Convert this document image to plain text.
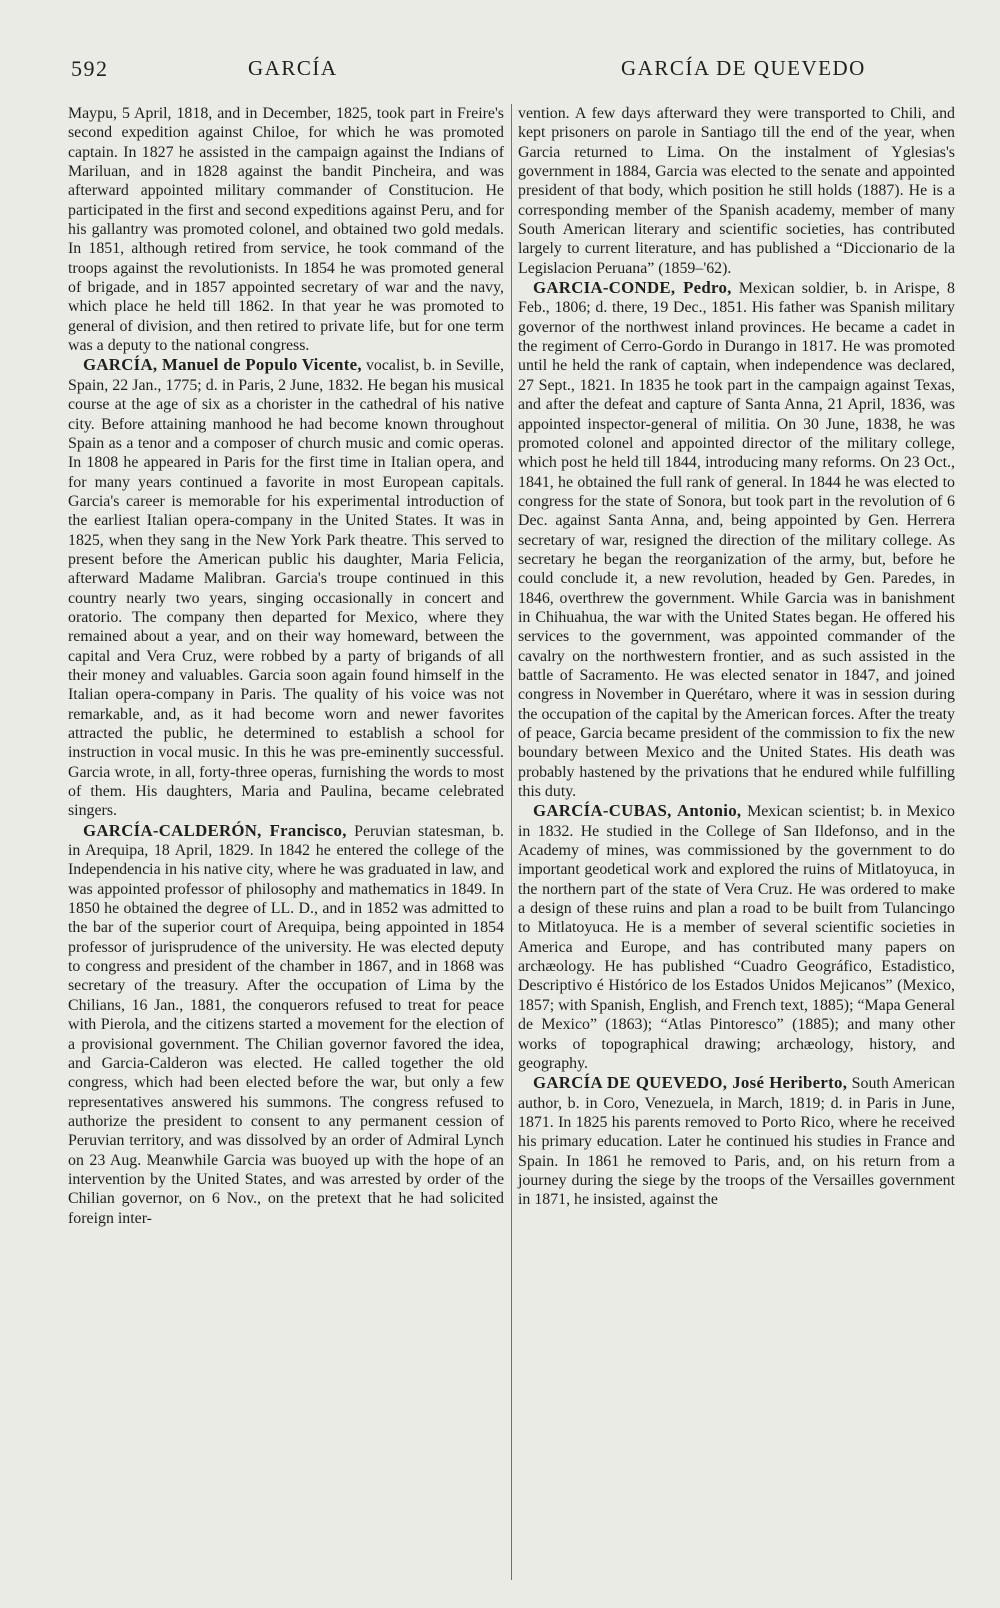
592	GARCÍA	GARCÍA DE QUEVEDO

Maypu, 5 April, 1818, and in December, 1825, took part in Freire's second expedition against Chiloe, for which he was promoted captain. In 1827 he assisted in the campaign against the Indians of Mariluan, and in 1828 against the bandit Pincheira, and was afterward appointed military commander of Constitucion. He participated in the first and second expeditions against Peru, and for his gallantry was promoted colonel, and obtained two gold medals. In 1851, although retired from service, he took command of the troops against the revolutionists. In 1854 he was promoted general of brigade, and in 1857 appointed secretary of war and the navy, which place he held till 1862. In that year he was promoted to general of division, and then retired to private life, but for one term was a deputy to the national congress.

GARCÍA, Manuel de Populo Vicente, vocalist, b. in Seville, Spain, 22 Jan., 1775; d. in Paris, 2 June, 1832. He began his musical course at the age of six as a chorister in the cathedral of his native city. Before attaining manhood he had become known throughout Spain as a tenor and a composer of church music and comic operas. In 1808 he appeared in Paris for the first time in Italian opera, and for many years continued a favorite in most European capitals. Garcia's career is memorable for his experimental introduction of the earliest Italian opera-company in the United States. It was in 1825, when they sang in the New York Park theatre. This served to present before the American public his daughter, Maria Felicia, afterward Madame Malibran. Garcia's troupe continued in this country nearly two years, singing occasionally in concert and oratorio. The company then departed for Mexico, where they remained about a year, and on their way homeward, between the capital and Vera Cruz, were robbed by a party of brigands of all their money and valuables. Garcia soon again found himself in the Italian opera-company in Paris. The quality of his voice was not remarkable, and, as it had become worn and newer favorites attracted the public, he determined to establish a school for instruction in vocal music. In this he was pre-eminently successful. Garcia wrote, in all, forty-three operas, furnishing the words to most of them. His daughters, Maria and Paulina, became celebrated singers.

GARCÍA-CALDERÓN, Francisco, Peruvian statesman, b. in Arequipa, 18 April, 1829. In 1842 he entered the college of the Independencia in his native city, where he was graduated in law, and was appointed professor of philosophy and mathematics in 1849. In 1850 he obtained the degree of LL. D., and in 1852 was admitted to the bar of the superior court of Arequipa, being appointed in 1854 professor of jurisprudence of the university. He was elected deputy to congress and president of the chamber in 1867, and in 1868 was secretary of the treasury. After the occupation of Lima by the Chilians, 16 Jan., 1881, the conquerors refused to treat for peace with Pierola, and the citizens started a movement for the election of a provisional government. The Chilian governor favored the idea, and Garcia-Calderon was elected. He called together the old congress, which had been elected before the war, but only a few representatives answered his summons. The congress refused to authorize the president to consent to any permanent cession of Peruvian territory, and was dissolved by an order of Admiral Lynch on 23 Aug. Meanwhile Garcia was buoyed up with the hope of an intervention by the United States, and was arrested by order of the Chilian governor, on 6 Nov., on the pretext that he had solicited foreign inter-

vention. A few days afterward they were transported to Chili, and kept prisoners on parole in Santiago till the end of the year, when Garcia returned to Lima. On the instalment of Yglesias's government in 1884, Garcia was elected to the senate and appointed president of that body, which position he still holds (1887). He is a corresponding member of the Spanish academy, member of many South American literary and scientific societies, has contributed largely to current literature, and has published a “Diccionario de la Legislacion Peruana” (1859–'62).

GARCIA-CONDE, Pedro, Mexican soldier, b. in Arispe, 8 Feb., 1806; d. there, 19 Dec., 1851. His father was Spanish military governor of the northwest inland provinces. He became a cadet in the regiment of Cerro-Gordo in Durango in 1817. He was promoted until he held the rank of captain, when independence was declared, 27 Sept., 1821. In 1835 he took part in the campaign against Texas, and after the defeat and capture of Santa Anna, 21 April, 1836, was appointed inspector-general of militia. On 30 June, 1838, he was promoted colonel and appointed director of the military college, which post he held till 1844, introducing many reforms. On 23 Oct., 1841, he obtained the full rank of general. In 1844 he was elected to congress for the state of Sonora, but took part in the revolution of 6 Dec. against Santa Anna, and, being appointed by Gen. Herrera secretary of war, resigned the direction of the military college. As secretary he began the reorganization of the army, but, before he could conclude it, a new revolution, headed by Gen. Paredes, in 1846, overthrew the government. While Garcia was in banishment in Chihuahua, the war with the United States began. He offered his services to the government, was appointed commander of the cavalry on the northwestern frontier, and as such assisted in the battle of Sacramento. He was elected senator in 1847, and joined congress in November in Querétaro, where it was in session during the occupation of the capital by the American forces. After the treaty of peace, Garcia became president of the commission to fix the new boundary between Mexico and the United States. His death was probably hastened by the privations that he endured while fulfilling this duty.

GARCÍA-CUBAS, Antonio, Mexican scientist; b. in Mexico in 1832. He studied in the College of San Ildefonso, and in the Academy of mines, was commissioned by the government to do important geodetical work and explored the ruins of Mitlatoyuca, in the northern part of the state of Vera Cruz. He was ordered to make a design of these ruins and plan a road to be built from Tulancingo to Mitlatoyuca. He is a member of several scientific societies in America and Europe, and has contributed many papers on archæology. He has published “Cuadro Geográfico, Estadistico, Descriptivo é Histórico de los Estados Unidos Mejicanos” (Mexico, 1857; with Spanish, English, and French text, 1885); “Mapa General de Mexico” (1863); “Atlas Pintoresco” (1885); and many other works of topographical drawing; archæology, history, and geography.

GARCÍA DE QUEVEDO, José Heriberto, South American author, b. in Coro, Venezuela, in March, 1819; d. in Paris in June, 1871. In 1825 his parents removed to Porto Rico, where he received his primary education. Later he continued his studies in France and Spain. In 1861 he removed to Paris, and, on his return from a journey during the siege by the troops of the Versailles government in 1871, he insisted, against the
